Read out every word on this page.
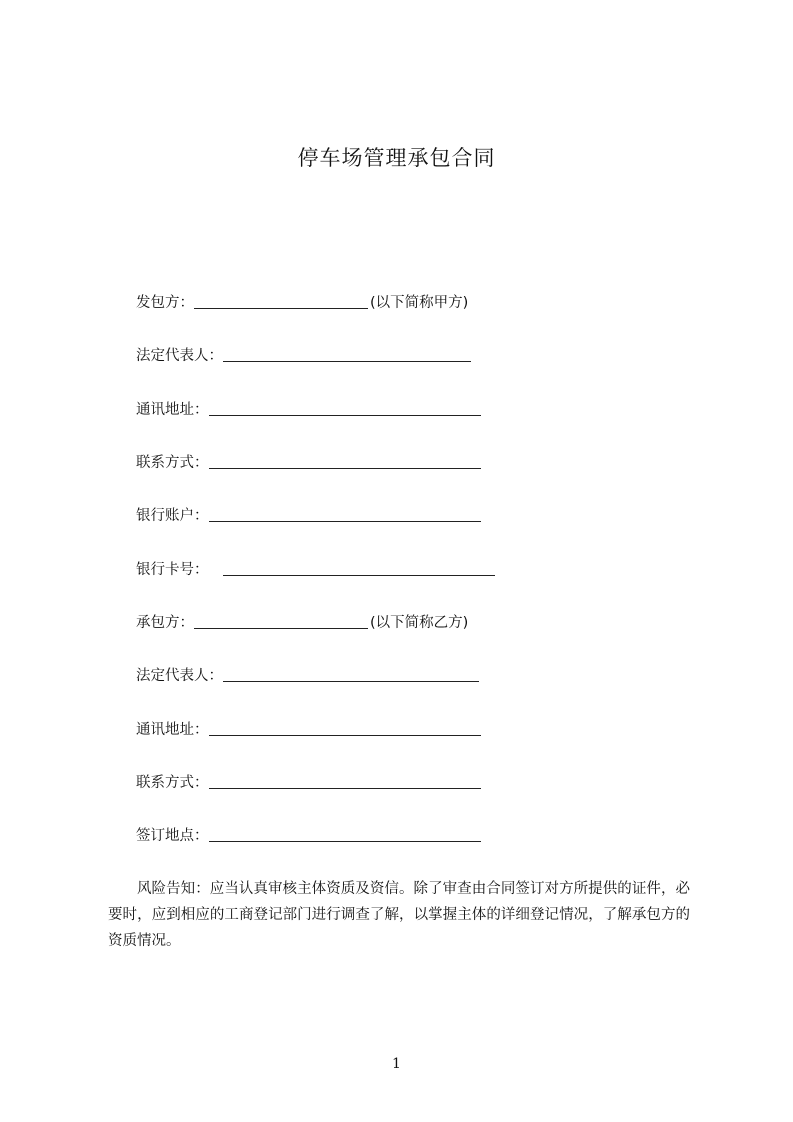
停车场管理承包合同
发包方：	(以下简称甲方)
法定代表人：
通讯地址：
联系方式：
银行账户：
银行卡号：
承包方：	(以下简称乙方)
法定代表人：
通讯地址：
联系方式：
签订地点：

风险告知：应当认真审核主体资质及资信。除了审查由合同签订对方所提供的证件，必要时，应到相应的工商登记部门进行调查了解，以掌握主体的详细登记情况，了解承包方的资质情况。

1
